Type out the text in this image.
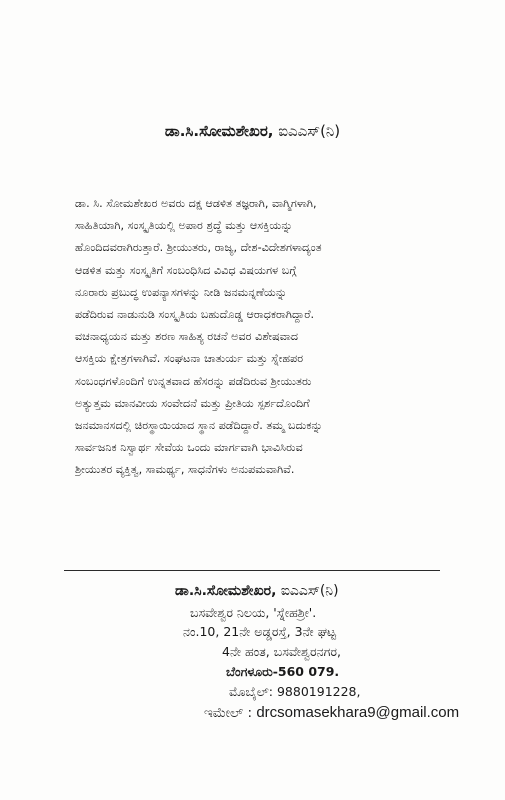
ಡಾ.ಸಿ.ಸೋಮಶೇಖರ, ಐಎಎಸ್(ನಿ)
ಡಾ. ಸಿ. ಸೋಮಶೇಖರ ಅವರು ದಕ್ಷ ಆಡಳಿತ ತಜ್ಞರಾಗಿ, ವಾಗ್ಮಿಗಳಾಗಿ,
ಸಾಹಿತಿಯಾಗಿ, ಸಂಸ್ಕೃತಿಯಲ್ಲಿ ಅಪಾರ ಶ್ರದ್ಧೆ ಮತ್ತು ಆಸಕ್ತಿಯನ್ನು
ಹೊಂದಿದವರಾಗಿರುತ್ತಾರೆ. ಶ್ರೀಯುತರು, ರಾಜ್ಯ, ದೇಶ-ವಿದೇಶಗಳಾದ್ಯಂತ
ಆಡಳಿತ ಮತ್ತು ಸಂಸ್ಕೃತಿಗೆ ಸಂಬಂಧಿಸಿದ ವಿವಿಧ ವಿಷಯಗಳ ಬಗ್ಗೆ
ನೂರಾರು ಪ್ರಬುದ್ಧ ಉಪನ್ಯಾಸಗಳನ್ನು ನೀಡಿ ಜನಮನ್ನಣೆಯನ್ನು
ಪಡೆದಿರುವ ನಾಡುನುಡಿ ಸಂಸ್ಕೃತಿಯ ಬಹುದೊಡ್ಡ ಆರಾಧಕರಾಗಿದ್ದಾರೆ.
ವಚನಾಧ್ಯಯನ ಮತ್ತು ಶರಣ ಸಾಹಿತ್ಯ ರಚನೆ ಅವರ ವಿಶೇಷವಾದ
ಆಸಕ್ತಿಯ ಕ್ಷೇತ್ರಗಳಾಗಿವೆ. ಸಂಘಟನಾ ಚಾತುರ್ಯ ಮತ್ತು ಸ್ನೇಹಪರ
ಸಂಬಂಧಗಳೊಂದಿಗೆ ಉನ್ನತವಾದ ಹೆಸರನ್ನು ಪಡೆದಿರುವ ಶ್ರೀಯುತರು
ಅತ್ಯುತ್ತಮ ಮಾನವೀಯ ಸಂವೇದನೆ ಮತ್ತು ಪ್ರೀತಿಯ ಸ್ಪರ್ಶದೊಂದಿಗೆ
ಜನಮಾನಸದಲ್ಲಿ ಚಿರಸ್ಥಾಯಿಯಾದ ಸ್ಥಾನ ಪಡೆದಿದ್ದಾರೆ. ತಮ್ಮ ಬದುಕನ್ನು
ಸಾರ್ವಜನಿಕ ನಿಸ್ವಾರ್ಥ ಸೇವೆಯ ಒಂದು ಮಾರ್ಗವಾಗಿ ಭಾವಿಸಿರುವ
ಶ್ರೀಯುತರ ವ್ಯಕ್ತಿತ್ವ, ಸಾಮರ್ಥ್ಯ, ಸಾಧನೆಗಳು ಅನುಪಮವಾಗಿವೆ.
ಡಾ.ಸಿ.ಸೋಮಶೇಖರ, ಐಎಎಸ್(ನಿ)
ಬಸವೇಶ್ವರ ನಿಲಯ, 'ಸ್ನೇಹಶ್ರೀ'.
ನಂ.10, 21ನೇ ಅಡ್ಡರಸ್ತೆ, 3ನೇ ಘಟ್ಟ
4ನೇ ಹಂತ, ಬಸವೇಶ್ವರನಗರ,
ಬೆಂಗಳೂರು-560 079.
ಮೊಬೈಲ್: 9880191228,
ಇಮೇಲ್ : drcsomasekhara9@gmail.com
